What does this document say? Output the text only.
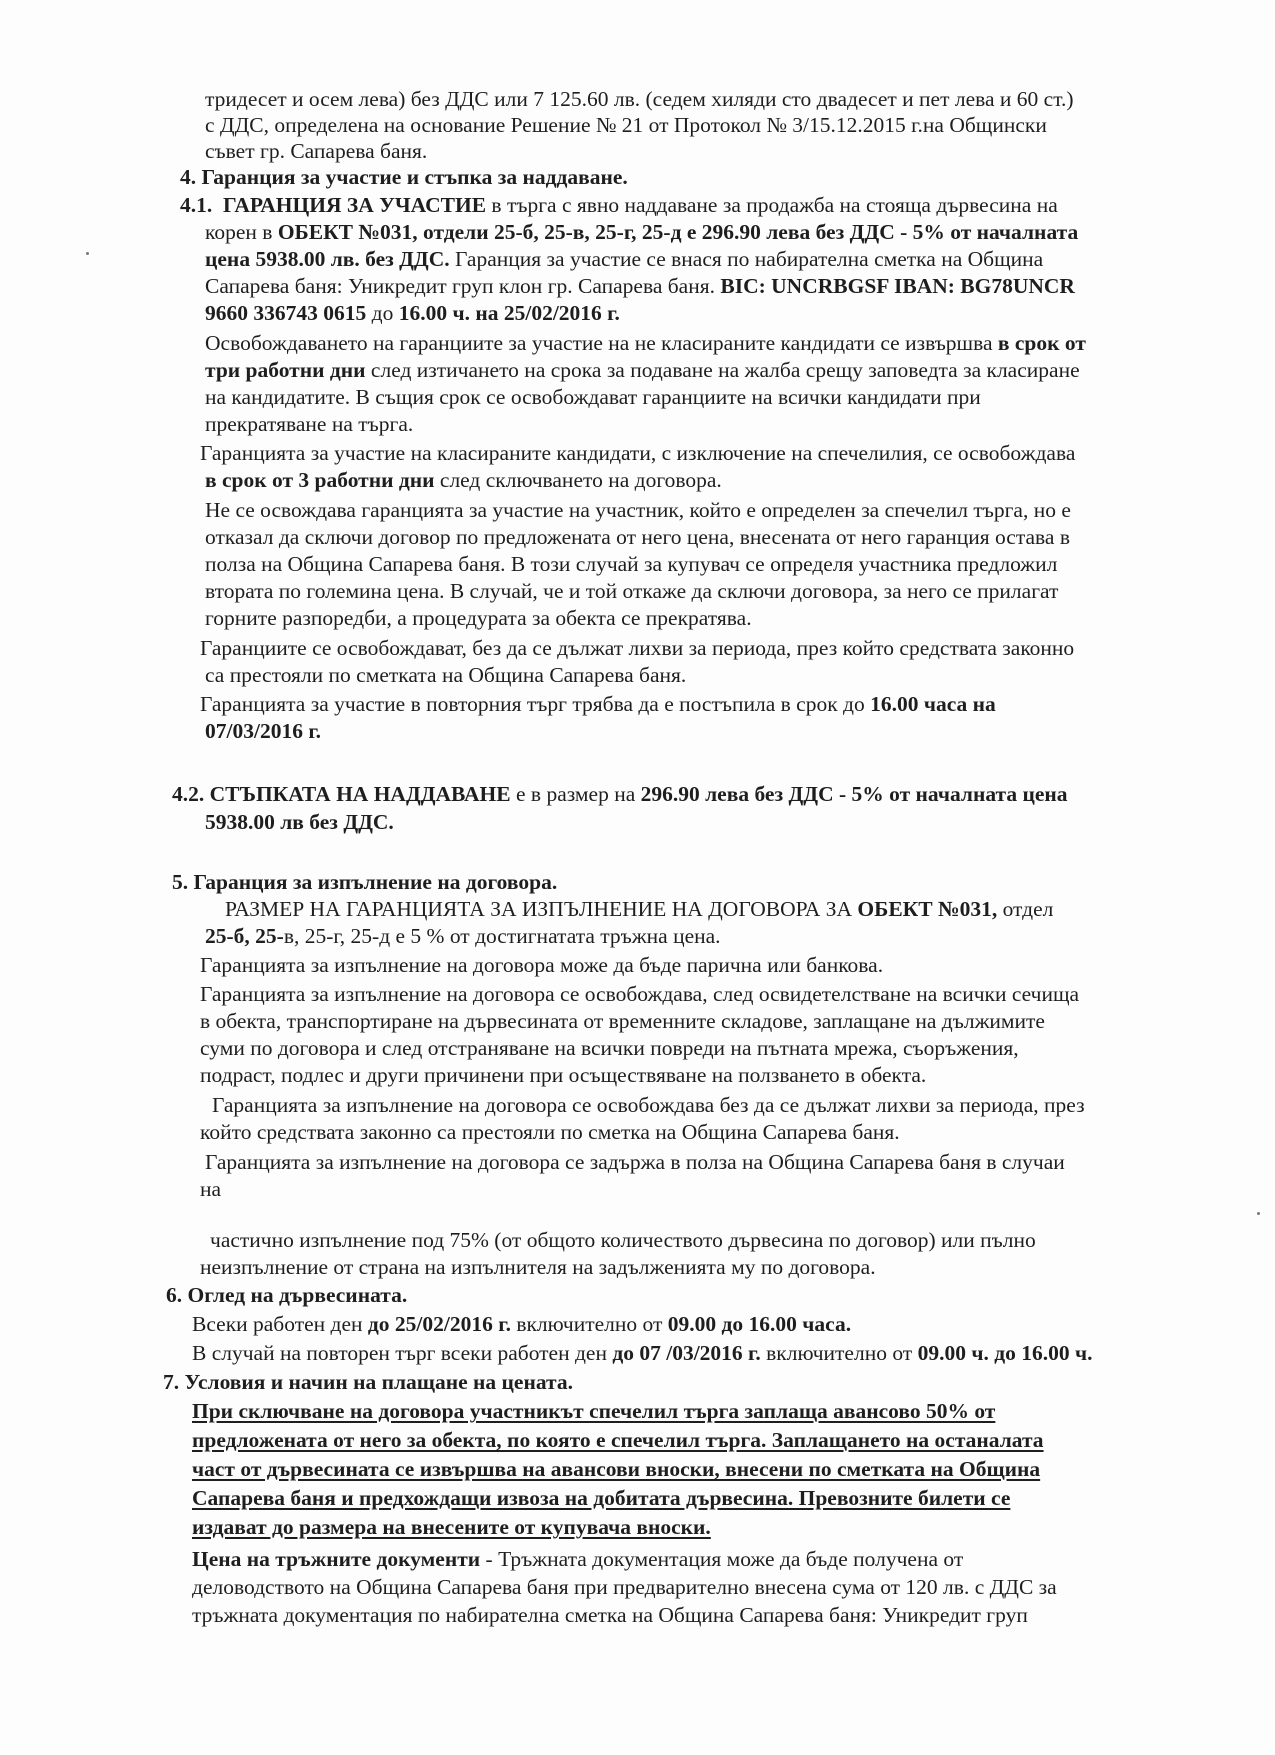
тридесет и осем лева) без ДДС или 7 125.60 лв. (седем хиляди сто двадесет и пет лева и 60 ст.)
с ДДС, определена на основание Решение № 21 от Протокол № 3/15.12.2015 г.на Общински
съвет гр. Сапарева баня.
4. Гаранция за участие и стъпка за наддаване.
4.1. ГАРАНЦИЯ ЗА УЧАСТИЕ в търга с явно наддаване за продажба на стояща дървесина на
корен в ОБЕКТ №031, отдели 25-б, 25-в, 25-г, 25-д е 296.90 лева без ДДС - 5% от началната
цена 5938.00 лв. без ДДС. Гаранция за участие се внася по набирателна сметка на Община
Сапарева баня: Уникредит груп клон гр. Сапарева баня. BIC: UNCRBGSF IBAN: BG78UNCR
9660 336743 0615 до 16.00 ч. на 25/02/2016 г.
Освобождаването на гаранциите за участие на не класираните кандидати се извършва в срок от
три работни дни след изтичането на срока за подаване на жалба срещу заповедта за класиране
на кандидатите. В същия срок се освобождават гаранциите на всички кандидати при
прекратяване на търга.
Гаранцията за участие на класираните кандидати, с изключение на спечелилия, се освобождава
в срок от 3 работни дни след сключването на договора.
Не се освождава гаранцията за участие на участник, който е определен за спечелил търга, но е
отказал да сключи договор по предложената от него цена, внесената от него гаранция остава в
полза на Община Сапарева баня. В този случай за купувач се определя участника предложил
втората по големина цена. В случай, че и той откаже да сключи договора, за него се прилагат
горните разпоредби, а процедурата за обекта се прекратява.
Гаранциите се освобождават, без да се дължат лихви за периода, през който средствата законно
са престояли по сметката на Община Сапарева баня.
Гаранцията за участие в повторния търг трябва да е постъпила в срок до 16.00 часа на
07/03/2016 г.
4.2. СТЪПКАТА НА НАДДАВАНЕ е в размер на 296.90 лева без ДДС - 5% от началната цена
5938.00 лв без ДДС.
5. Гаранция за изпълнение на договора.
РАЗМЕР НА ГАРАНЦИЯТА ЗА ИЗПЪЛНЕНИЕ НА ДОГОВОРА ЗА ОБЕКТ №031, отдел
25-б, 25-в, 25-г, 25-д е 5 % от достигнатата тръжна цена.
Гаранцията за изпълнение на договора може да бъде парична или банкова.
Гаранцията за изпълнение на договора се освобождава, след освидетелстване на всички сечища
в обекта, транспортиране на дървесината от временните складове, заплащане на дължимите
суми по договора и след отстраняване на всички повреди на пътната мрежа, съоръжения,
подраст, подлес и други причинени при осъществяване на ползването в обекта.
Гаранцията за изпълнение на договора се освобождава без да се дължат лихви за периода, през
който средствата законно са престояли по сметка на Община Сапарева баня.
Гаранцията за изпълнение на договора се задържа в полза на Община Сапарева баня в случаи
на
частично изпълнение под 75% (от общото количеството дървесина по договор) или пълно
неизпълнение от страна на изпълнителя на задълженията му по договора.
6. Оглед на дървесината.
Всеки работен ден до 25/02/2016 г. включително от 09.00 до 16.00 часа.
В случай на повторен търг всеки работен ден до 07 /03/2016 г. включително от 09.00 ч. до 16.00 ч.
7. Условия и начин на плащане на цената.
При сключване на договора участникът спечелил търга заплаща авансово 50% от
предложената от него за обекта, по която е спечелил търга. Заплащането на останалата
част от дървесината се извършва на авансови вноски, внесени по сметката на Община
Сапарева баня и предхождащи извоза на добитата дървесина. Превозните билети се
издават до размера на внесените от купувача вноски.
Цена на тръжните документи - Тръжната документация може да бъде получена от
деловодството на Община Сапарева баня при предварително внесена сума от 120 лв. с ДДС за
тръжната документация по набирателна сметка на Община Сапарева баня: Уникредит груп
